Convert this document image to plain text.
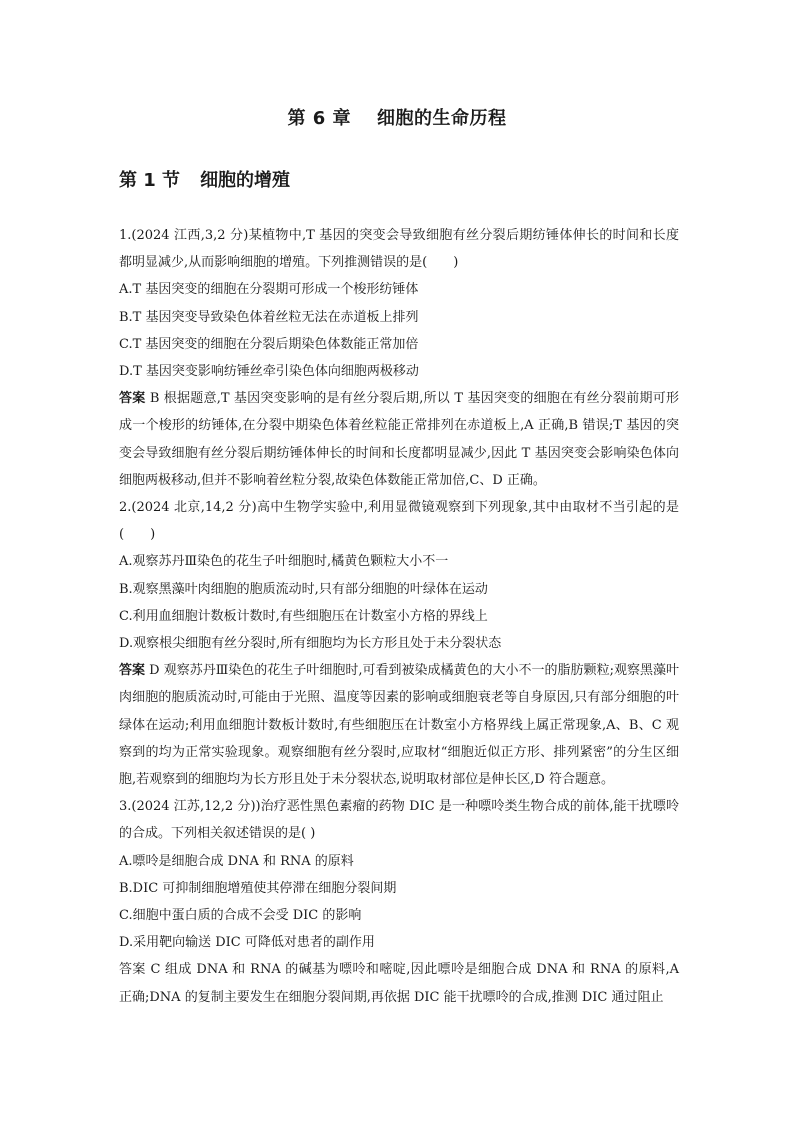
第 6 章 细胞的生命历程
第 1 节 细胞的增殖

1.(2024 江西,3,2 分)某植物中,T 基因的突变会导致细胞有丝分裂后期纺锤体伸长的时间和长度都明显减少,从而影响细胞的增殖。下列推测错误的是(　　)

A.T 基因突变的细胞在分裂期可形成一个梭形纺锤体

B.T 基因突变导致染色体着丝粒无法在赤道板上排列

C.T 基因突变的细胞在分裂后期染色体数能正常加倍

D.T 基因突变影响纺锤丝牵引染色体向细胞两极移动

答案 B 根据题意,T 基因突变影响的是有丝分裂后期,所以 T 基因突变的细胞在有丝分裂前期可形成一个梭形的纺锤体,在分裂中期染色体着丝粒能正常排列在赤道板上,A 正确,B 错误;T 基因的突变会导致细胞有丝分裂后期纺锤体伸长的时间和长度都明显减少,因此 T 基因突变会影响染色体向细胞两极移动,但并不影响着丝粒分裂,故染色体数能正常加倍,C、D 正确。

2.(2024 北京,14,2 分)高中生物学实验中,利用显微镜观察到下列现象,其中由取材不当引起的是(　　)

A.观察苏丹Ⅲ染色的花生子叶细胞时,橘黄色颗粒大小不一

B.观察黑藻叶肉细胞的胞质流动时,只有部分细胞的叶绿体在运动

C.利用血细胞计数板计数时,有些细胞压在计数室小方格的界线上

D.观察根尖细胞有丝分裂时,所有细胞均为长方形且处于未分裂状态

答案 D 观察苏丹Ⅲ染色的花生子叶细胞时,可看到被染成橘黄色的大小不一的脂肪颗粒;观察黑藻叶肉细胞的胞质流动时,可能由于光照、温度等因素的影响或细胞衰老等自身原因,只有部分细胞的叶绿体在运动;利用血细胞计数板计数时,有些细胞压在计数室小方格界线上属正常现象,A、B、C 观察到的均为正常实验现象。观察细胞有丝分裂时,应取材“细胞近似正方形、排列紧密”的分生区细胞,若观察到的细胞均为长方形且处于未分裂状态,说明取材部位是伸长区,D 符合题意。

3.(2024 江苏,12,2 分))治疗恶性黑色素瘤的药物 DIC 是一种嘌呤类生物合成的前体,能干扰嘌呤的合成。下列相关叙述错误的是( )

A.嘌呤是细胞合成 DNA 和 RNA 的原料

B.DIC 可抑制细胞增殖使其停滞在细胞分裂间期

C.细胞中蛋白质的合成不会受 DIC 的影响

D.采用靶向输送 DIC 可降低对患者的副作用

答案 C 组成 DNA 和 RNA 的碱基为嘌呤和嘧啶,因此嘌呤是细胞合成 DNA 和 RNA 的原料,A 正确;DNA 的复制主要发生在细胞分裂间期,再依据 DIC 能干扰嘌呤的合成,推测 DIC 通过阻止
